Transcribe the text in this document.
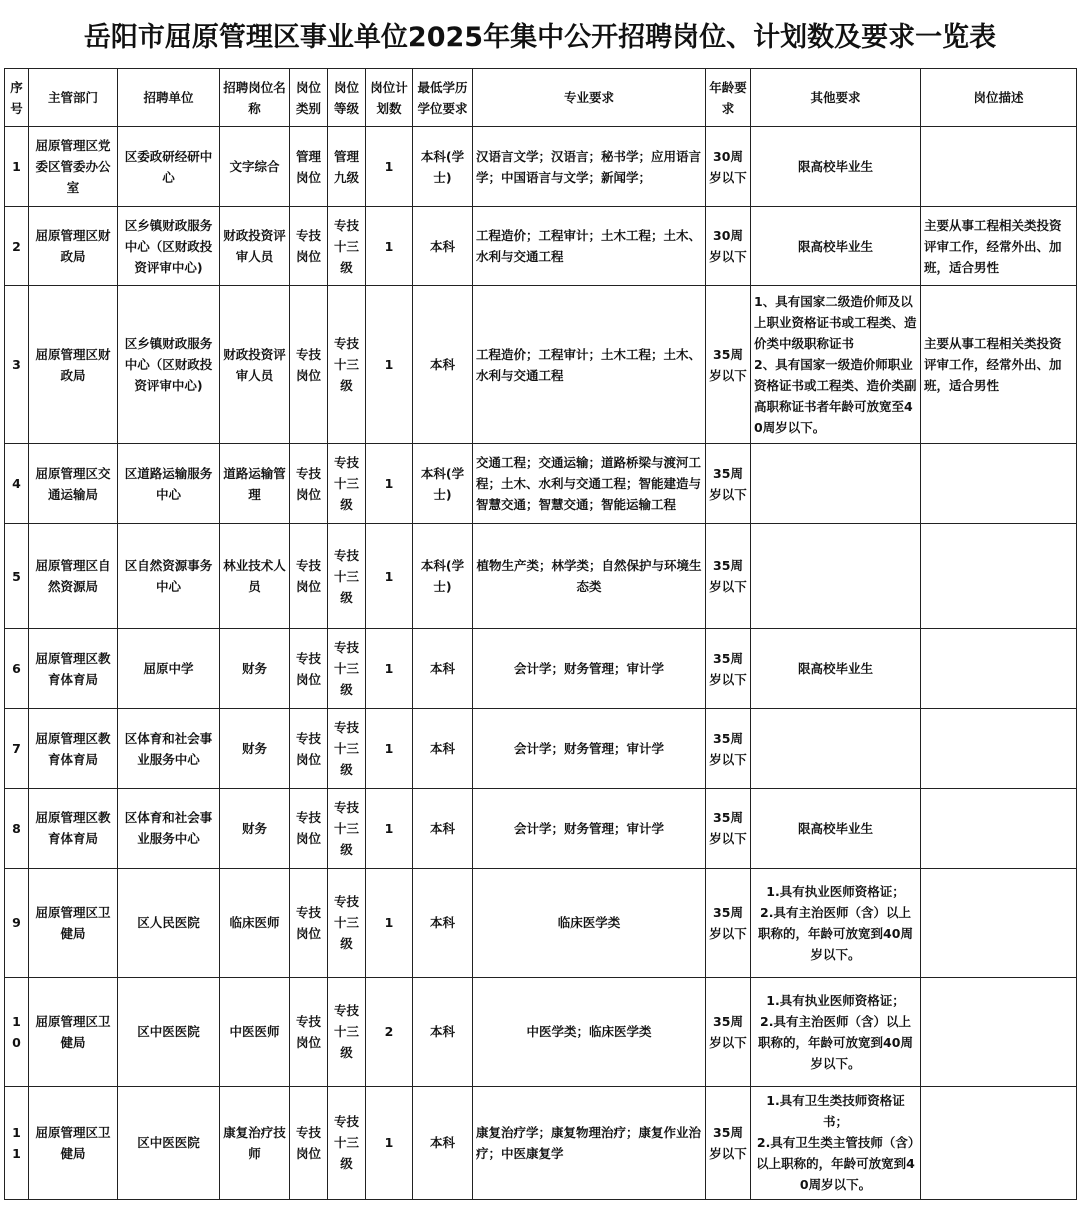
岳阳市屈原管理区事业单位2025年集中公开招聘岗位、计划数及要求一览表
序号	主管部门	招聘单位	招聘岗位名称	岗位类别	岗位等级	岗位计划数	最低学历学位要求	专业要求	年龄要求	其他要求	岗位描述
1	屈原管理区党委区管委办公室	区委政研经研中心	文字综合	管理岗位	管理九级	1	本科(学士)	汉语言文学；汉语言；秘书学；应用语言学；中国语言与文学；新闻学；	30周岁以下	限高校毕业生	
2	屈原管理区财政局	区乡镇财政服务中心（区财政投资评审中心)	财政投资评审人员	专技岗位	专技十三级	1	本科	工程造价；工程审计；土木工程；土木、水利与交通工程	30周岁以下	限高校毕业生	主要从事工程相关类投资评审工作，经常外出、加班，适合男性
3	屈原管理区财政局	区乡镇财政服务中心（区财政投资评审中心)	财政投资评审人员	专技岗位	专技十三级	1	本科	工程造价；工程审计；土木工程；土木、水利与交通工程	35周岁以下	1、具有国家二级造价师及以上职业资格证书或工程类、造价类中级职称证书
2、具有国家一级造价师职业资格证书或工程类、造价类副高职称证书者年龄可放宽至40周岁以下。	主要从事工程相关类投资评审工作，经常外出、加班，适合男性
4	屈原管理区交通运输局	区道路运输服务中心	道路运输管理	专技岗位	专技十三级	1	本科(学士)	交通工程；交通运输；道路桥梁与渡河工程；土木、水利与交通工程；智能建造与智慧交通；智慧交通；智能运输工程	35周岁以下		
5	屈原管理区自然资源局	区自然资源事务中心	林业技术人员	专技岗位	专技十三级	1	本科(学士)	植物生产类；林学类；自然保护与环境生态类	35周岁以下		
6	屈原管理区教育体育局	屈原中学	财务	专技岗位	专技十三级	1	本科	会计学；财务管理；审计学	35周岁以下	限高校毕业生	
7	屈原管理区教育体育局	区体育和社会事业服务中心	财务	专技岗位	专技十三级	1	本科	会计学；财务管理；审计学	35周岁以下		
8	屈原管理区教育体育局	区体育和社会事业服务中心	财务	专技岗位	专技十三级	1	本科	会计学；财务管理；审计学	35周岁以下	限高校毕业生	
9	屈原管理区卫健局	区人民医院	临床医师	专技岗位	专技十三级	1	本科	临床医学类	35周岁以下	1.具有执业医师资格证；
2.具有主治医师（含）以上职称的，年龄可放宽到40周岁以下。	
10	屈原管理区卫健局	区中医医院	中医医师	专技岗位	专技十三级	2	本科	中医学类；临床医学类	35周岁以下	1.具有执业医师资格证；
2.具有主治医师（含）以上职称的，年龄可放宽到40周岁以下。	
11	屈原管理区卫健局	区中医医院	康复治疗技师	专技岗位	专技十三级	1	本科	康复治疗学；康复物理治疗；康复作业治疗；中医康复学	35周岁以下	1.具有卫生类技师资格证书；
2.具有卫生类主管技师（含）以上职称的，年龄可放宽到40周岁以下。	
